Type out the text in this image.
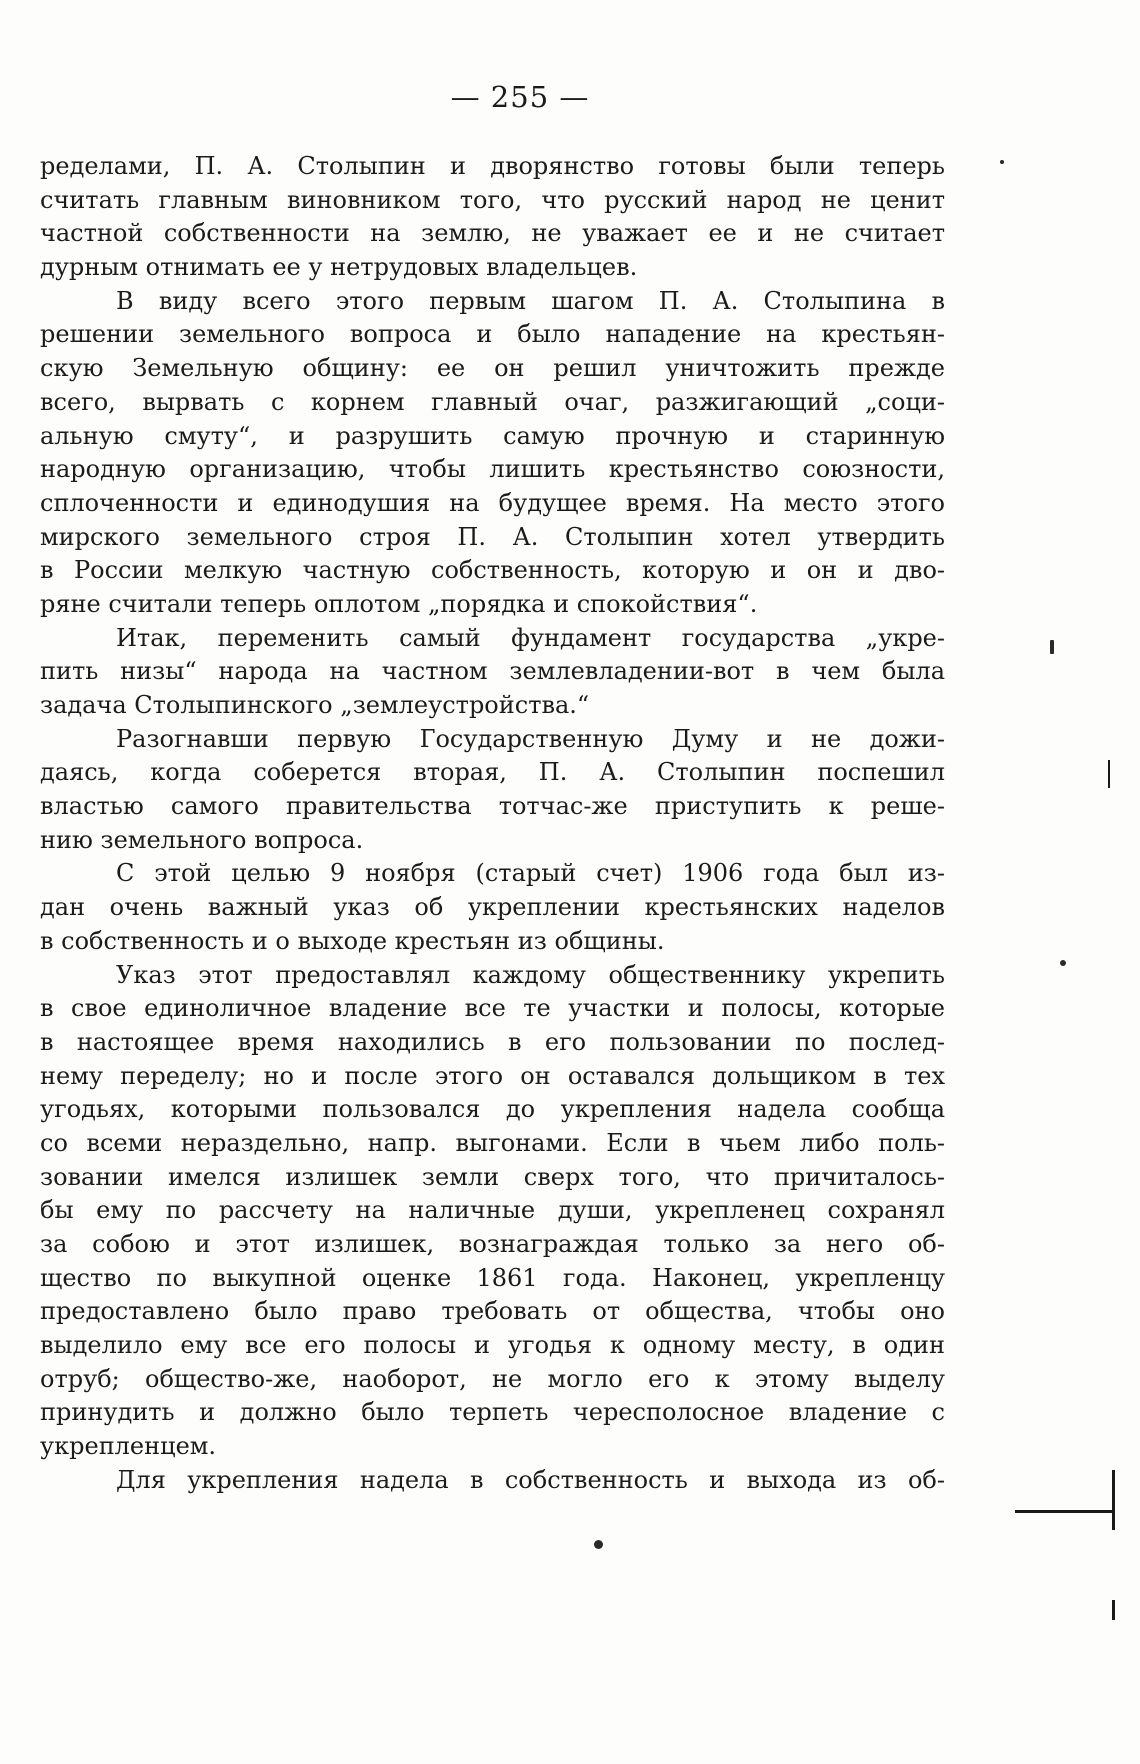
— 255 —
ределами, П. А. Столыпин и дворянство готовы были теперь
считать главным виновником того, что русский народ не ценит
частной собственности на землю, не уважает ее и не считает
дурным отнимать ее у нетрудовых владельцев.
В виду всего этого первым шагом П. А. Столыпина в
решении земельного вопроса и было нападение на крестьян-
скую Земельную общину: ее он решил уничтожить прежде
всего, вырвать с корнем главный очаг, разжигающий „соци-
альную смуту“, и разрушить самую прочную и старинную
народную организацию, чтобы лишить крестьянство союзности,
сплоченности и единодушия на будущее время. На место этого
мирского земельного строя П. А. Столыпин хотел утвердить
в России мелкую частную собственность, которую и он и дво-
ряне считали теперь оплотом „порядка и спокойствия“.
Итак, переменить самый фундамент государства „укре-
пить низы“ народа на частном землевладении-вот в чем была
задача Столыпинского „землеустройства.“
Разогнавши первую Государственную Думу и не дожи-
даясь, когда соберется вторая, П. А. Столыпин поспешил
властью самого правительства тотчас-же приступить к реше-
нию земельного вопроса.
С этой целью 9 ноября (старый счет) 1906 года был из-
дан очень важный указ об укреплении крестьянских наделов
в собственность и о выходе крестьян из общины.
Указ этот предоставлял каждому общественнику укрепить
в свое единоличное владение все те участки и полосы, которые
в настоящее время находились в его пользовании по послед-
нему переделу; но и после этого он оставался дольщиком в тех
угодьях, которыми пользовался до укрепления надела сообща
со всеми нераздельно, напр. выгонами. Если в чьем либо поль-
зовании имелся излишек земли сверх того, что причиталось-
бы ему по рассчету на наличные души, укрепленец сохранял
за собою и этот излишек, вознаграждая только за него об-
щество по выкупной оценке 1861 года. Наконец, укрепленцу
предоставлено было право требовать от общества, чтобы оно
выделило ему все его полосы и угодья к одному месту, в один
отруб; общество-же, наоборот, не могло его к этому выделу
принудить и должно было терпеть чересполосное владение с
укрепленцем.
Для укрепления надела в собственность и выхода из об-
